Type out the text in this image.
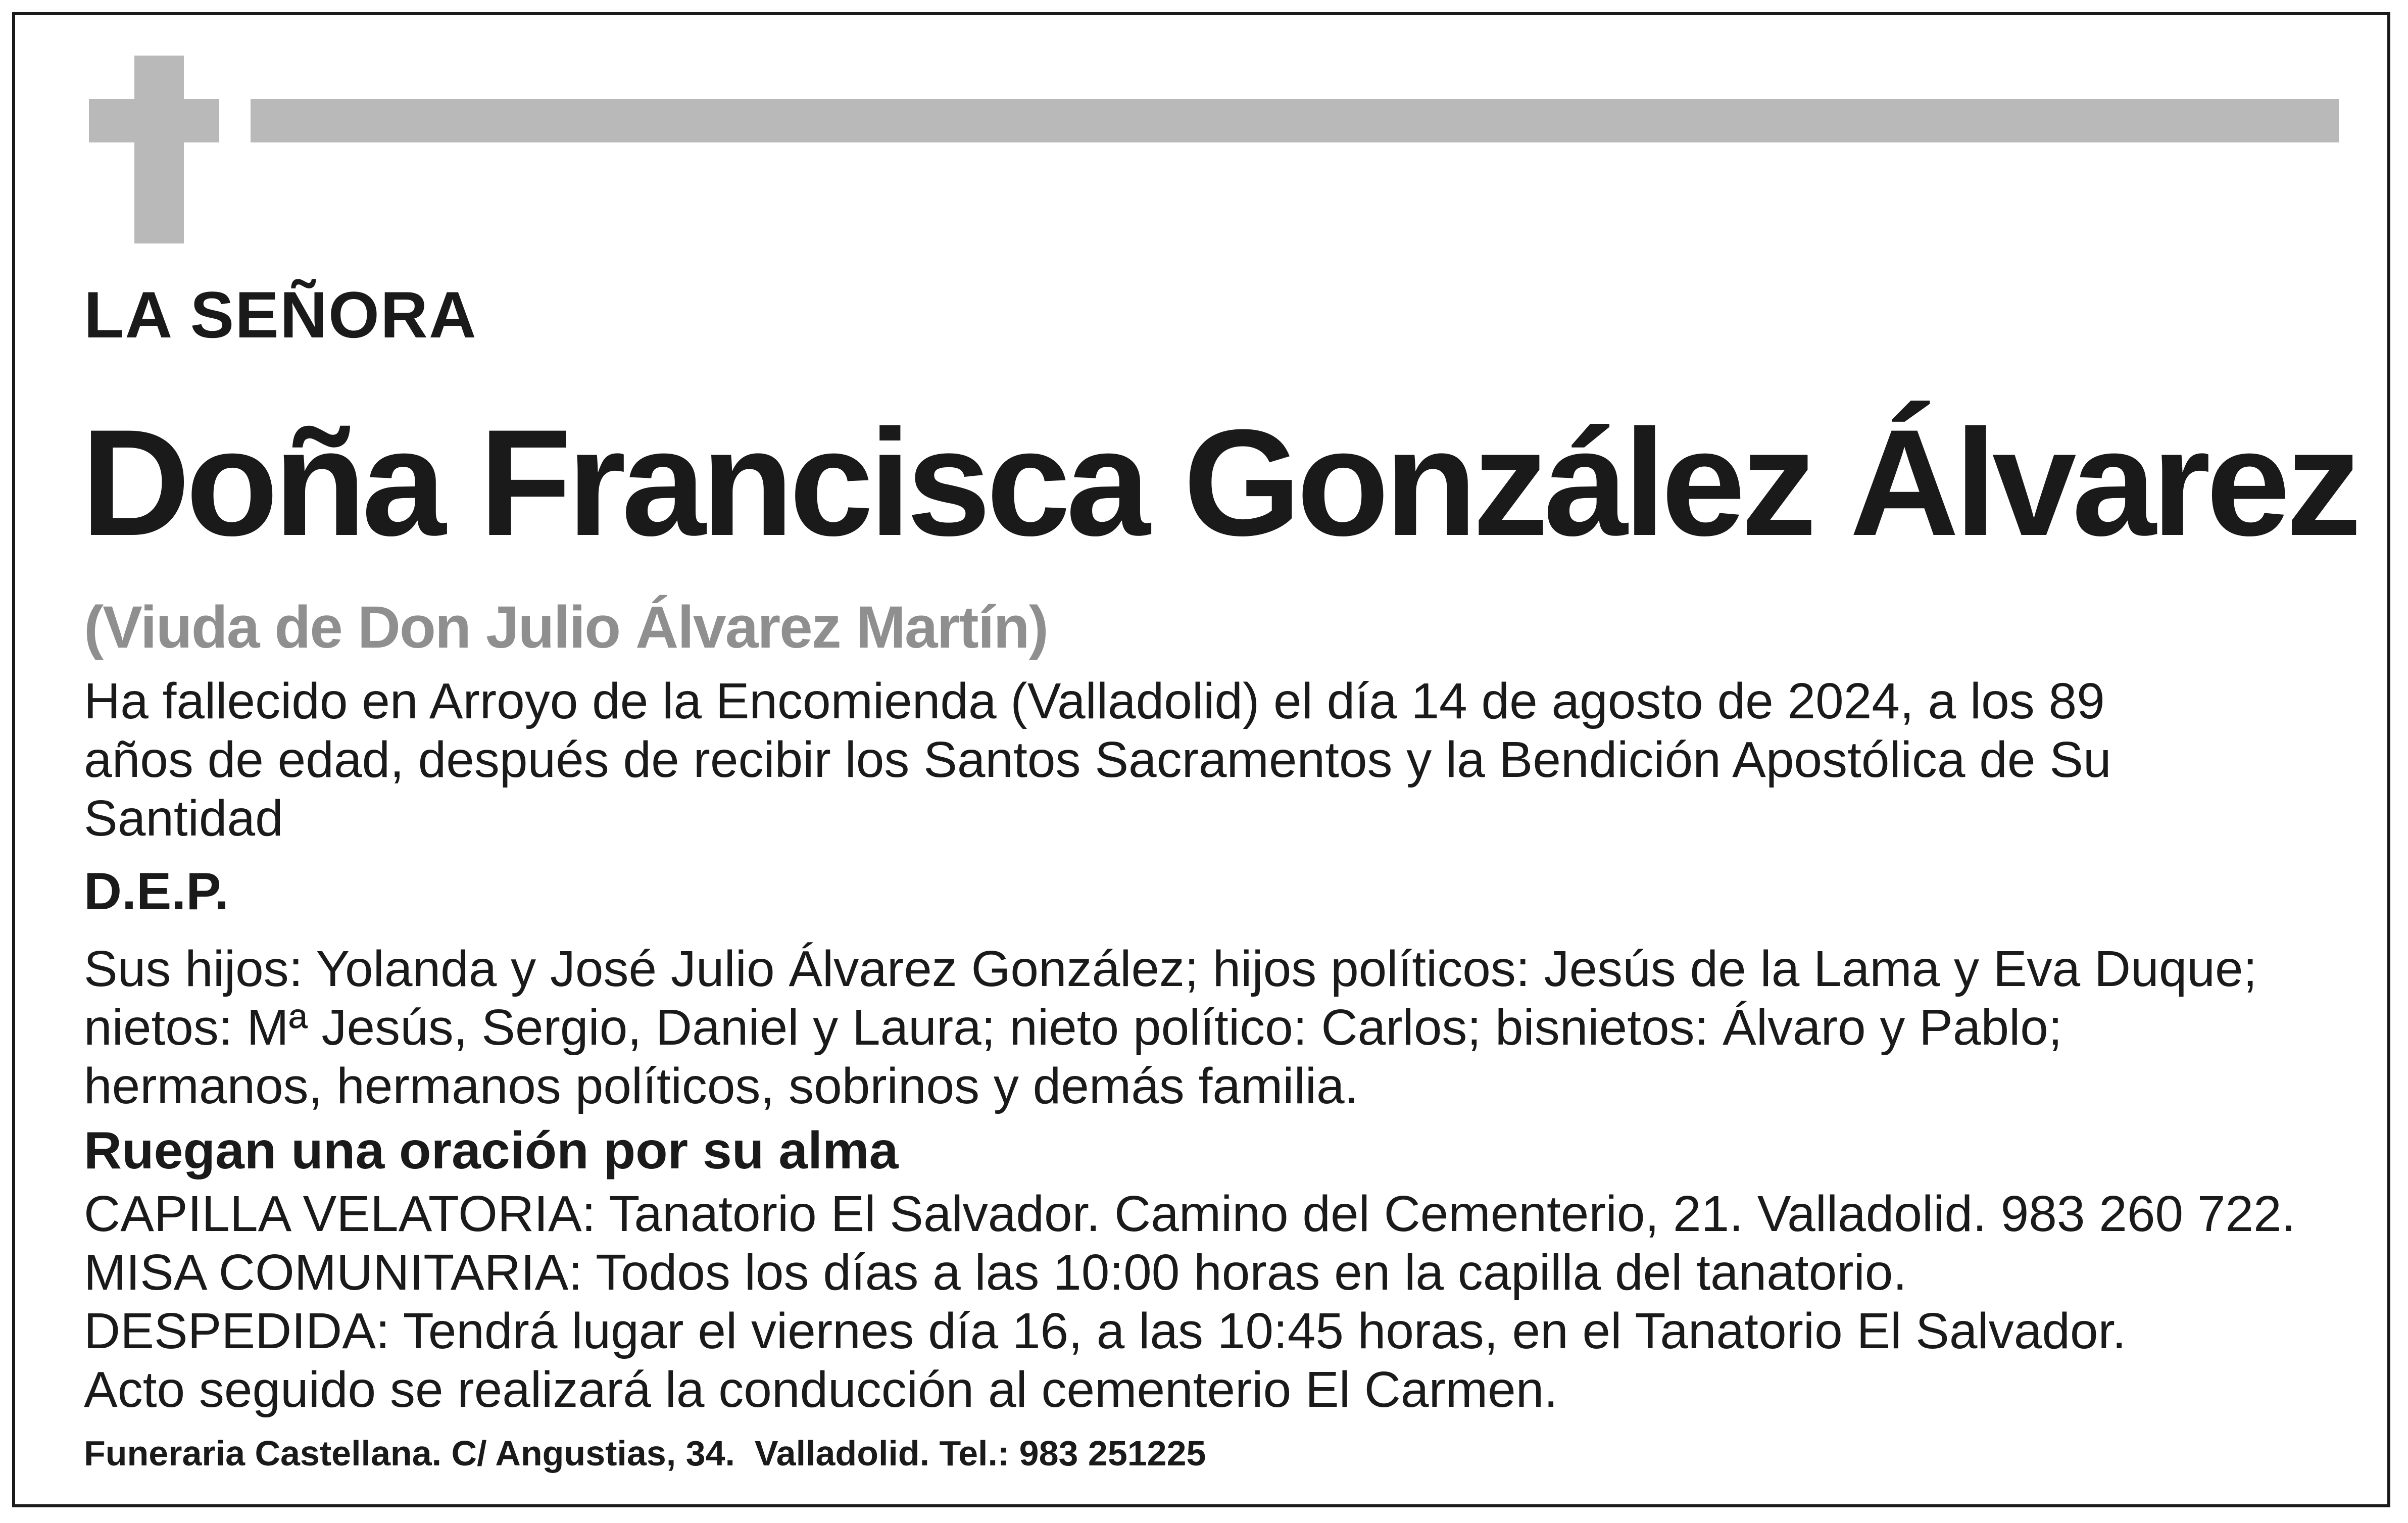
LA SEÑORA
Doña Francisca González Álvarez
(Viuda de Don Julio Álvarez Martín)
Ha fallecido en Arroyo de la Encomienda (Valladolid) el día 14 de agosto de 2024, a los 89
años de edad, después de recibir los Santos Sacramentos y la Bendición Apostólica de Su
Santidad
D.E.P.
Sus hijos: Yolanda y José Julio Álvarez González; hijos políticos: Jesús de la Lama y Eva Duque;
nietos: Mª Jesús, Sergio, Daniel y Laura; nieto político: Carlos; bisnietos: Álvaro y Pablo;
hermanos, hermanos políticos, sobrinos y demás familia.
Ruegan una oración por su alma
CAPILLA VELATORIA: Tanatorio El Salvador. Camino del Cementerio, 21. Valladolid. 983 260 722.
MISA COMUNITARIA: Todos los días a las 10:00 horas en la capilla del tanatorio.
DESPEDIDA: Tendrá lugar el viernes día 16, a las 10:45 horas, en el Tanatorio El Salvador.
Acto seguido se realizará la conducción al cementerio El Carmen.
Funeraria Castellana. C/ Angustias, 34.  Valladolid. Tel.: 983 251225
